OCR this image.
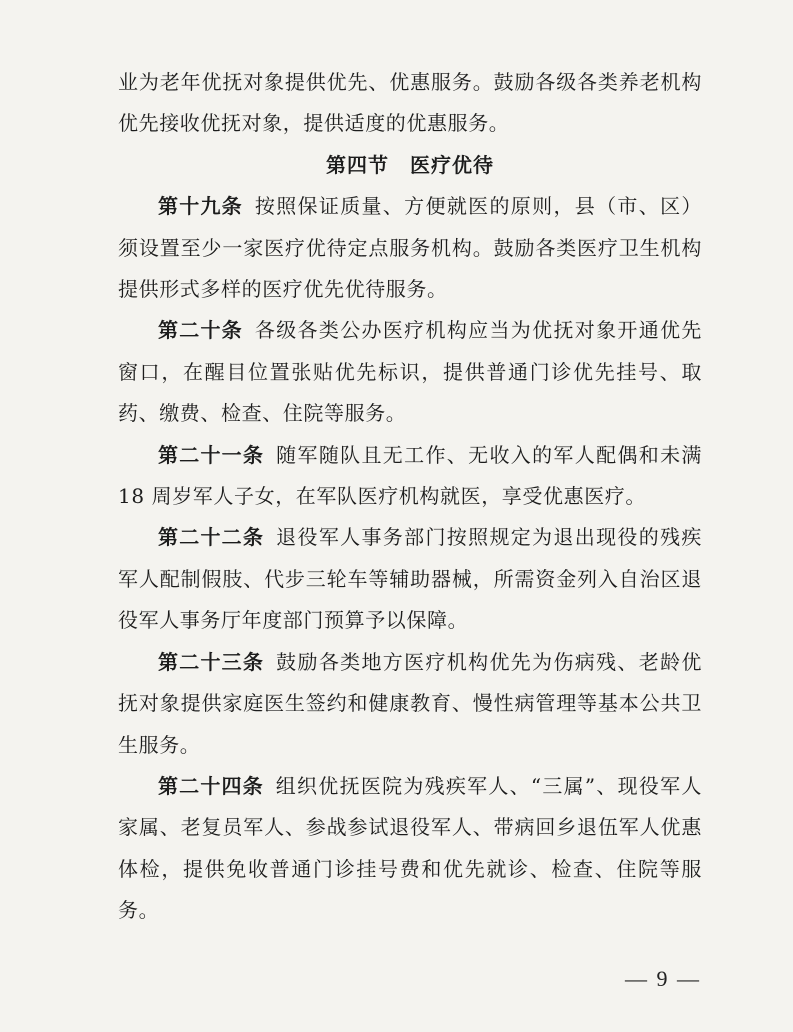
业为老年优抚对象提供优先、优惠服务。鼓励各级各类养老机构优先接收优抚对象，提供适度的优惠服务。

第四节　医疗优待

第十九条 按照保证质量、方便就医的原则，县（市、区）须设置至少一家医疗优待定点服务机构。鼓励各类医疗卫生机构提供形式多样的医疗优先优待服务。

第二十条 各级各类公办医疗机构应当为优抚对象开通优先窗口，在醒目位置张贴优先标识，提供普通门诊优先挂号、取药、缴费、检查、住院等服务。

第二十一条 随军随队且无工作、无收入的军人配偶和未满 18 周岁军人子女，在军队医疗机构就医，享受优惠医疗。

第二十二条 退役军人事务部门按照规定为退出现役的残疾军人配制假肢、代步三轮车等辅助器械，所需资金列入自治区退役军人事务厅年度部门预算予以保障。

第二十三条 鼓励各类地方医疗机构优先为伤病残、老龄优抚对象提供家庭医生签约和健康教育、慢性病管理等基本公共卫生服务。

第二十四条 组织优抚医院为残疾军人、“三属”、现役军人家属、老复员军人、参战参试退役军人、带病回乡退伍军人优惠体检，提供免收普通门诊挂号费和优先就诊、检查、住院等服务。

— 9 —
